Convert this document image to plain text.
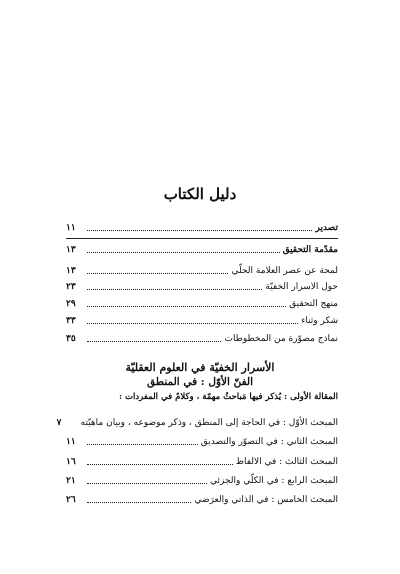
دليل الكتاب
تصدير
١١
مقدّمة التحقيق
١٣
لمحة عن عصر العلامة الحلّي
١٣
حول الاسرار الخفيّة
٢٣
منهج التحقيق
٢٩
شكر وثناء
٣٣
نماذج مصوّرة من المخطوطات
٣٥
الأسرار الخفيّة في العلوم العقليّة
الفنّ الأوّل : في المنطق
المقالة الأولى : يُذكر فيها مَباحثُ مهمّة ، وكلامٌ في المفردات :
المبحث الأوّل : في الحاجة إلى المنطق ، وذكر موضوعه ، وبيان ماهيّته
٧
المبحث الثاني : في التصوّر والتصديق
١١
المبحث الثالث : في الالفاظ
١٦
المبحث الرابع : في الكلّي والجزئي
٢١
المبحث الخامس : في الذاتي والعرَضي
٢٦
